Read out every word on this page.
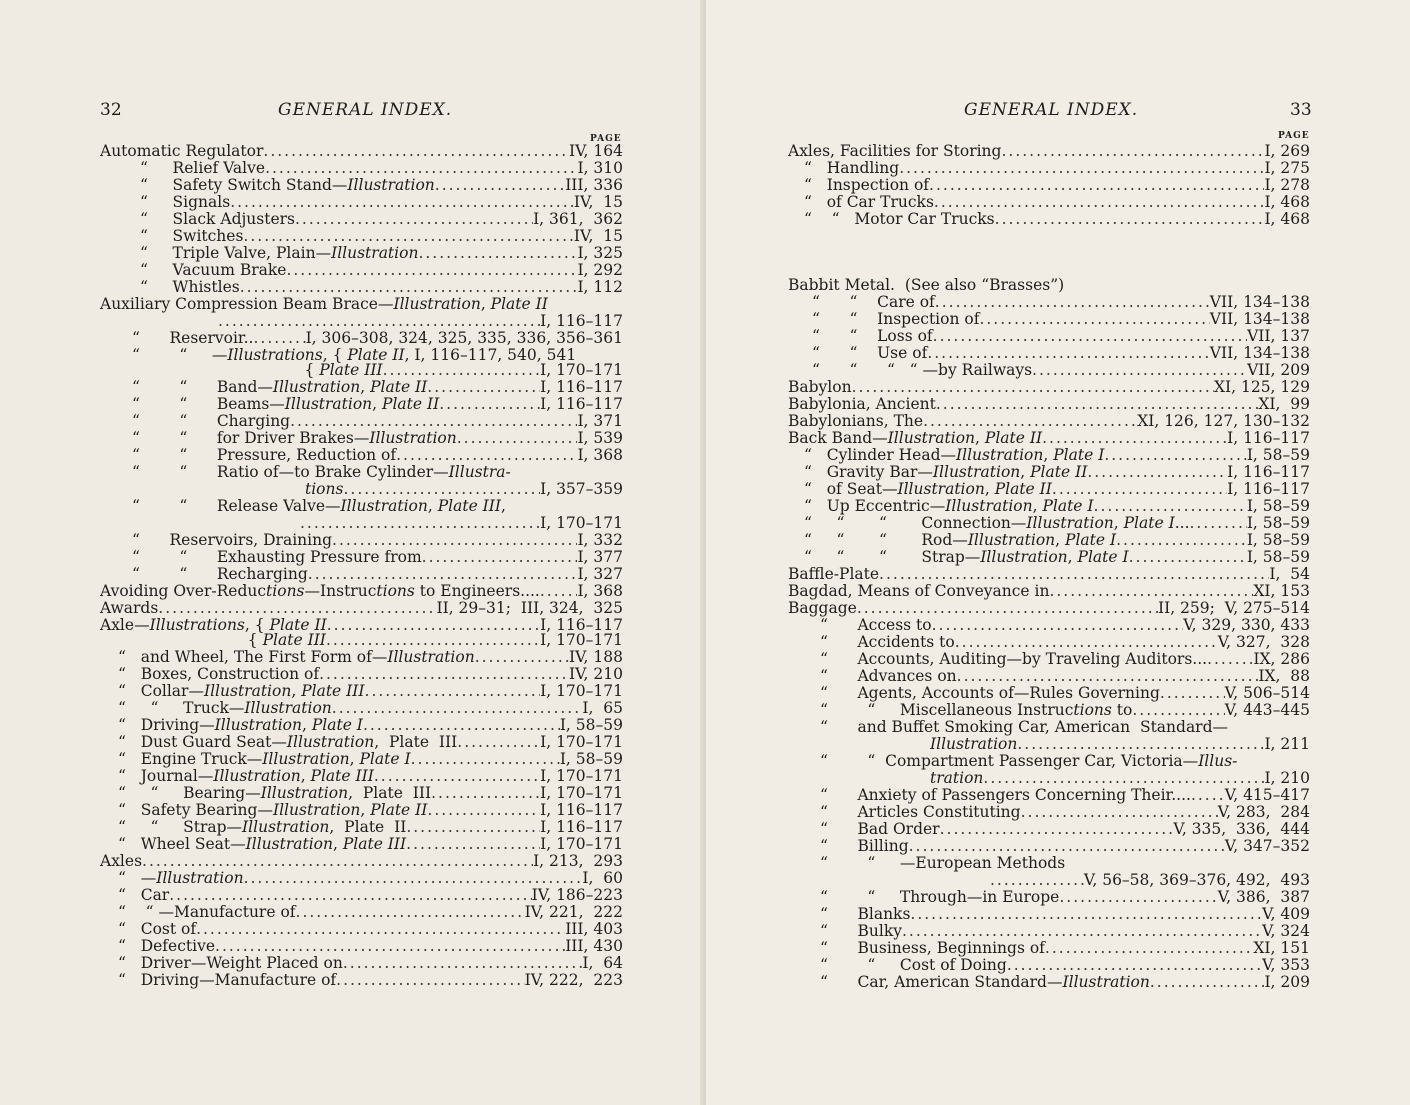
32	GENERAL INDEX.
PAGE
Automatic Regulator .....	IV, 164
“     Relief Valve .....	I, 310
“     Safety Switch Stand—Illustration .....	III, 336
“     Signals .....	IV,  15
“     Slack Adjusters .....	I, 361,  362
“     Switches .....	IV,  15
“     Triple Valve, Plain—Illustration .....	I, 325
“     Vacuum Brake .....	I, 292
“     Whistles .....	I, 112
Auxiliary Compression Beam Brace—Illustration, Plate II
.....
I, 116–117
“      Reservoir.. .....	I, 306–308, 324, 325, 335, 336, 356–361
“        “     —Illustrations, { Plate II, I, 116–117, 540, 541
{ Plate III .....	I, 170–171
“        “      Band—Illustration, Plate II .....	I, 116–117
“        “      Beams—Illustration, Plate II .....	I, 116–117
“        “      Charging .....	I, 371
“        “      for Driver Brakes—Illustration .....	I, 539
“        “      Pressure, Reduction of .....	I, 368
“        “      Ratio of—to Brake Cylinder—Illustra-
tions .....	I, 357–359
“        “      Release Valve—Illustration, Plate III,
.....
I, 170–171
“      Reservoirs, Draining .....	I, 332
“        “      Exhausting Pressure from .....	I, 377
“        “      Recharging .....	I, 327
Avoiding Over-Reductions—Instructions to Engineers.... ..... I, 368
Awards .....	II, 29–31;  III, 324,  325
Axle—Illustrations, { Plate II .....	I, 116–117
{ Plate III .....	I, 170–171
“   and Wheel, The First Form of—Illustration .....	IV, 188
“   Boxes, Construction of .....	IV, 210
“   Collar—Illustration, Plate III .....	I, 170–171
“     “     Truck—Illustration .....	I,  65
“   Driving—Illustration, Plate I .....	I, 58–59
“   Dust Guard Seat—Illustration,  Plate  III .....	I, 170–171
“   Engine Truck—Illustration, Plate I .....	I, 58–59
“   Journal—Illustration, Plate III .....	I, 170–171
“     “     Bearing—Illustration,  Plate  III .....	I, 170–171
“   Safety Bearing—Illustration, Plate II .....	I, 116–117
“     “     Strap—Illustration,  Plate  II .....	I, 116–117
“   Wheel Seat—Illustration, Plate III .....	I, 170–171
Axles .....	I, 213,  293
“   —Illustration .....	I,  60
“   Car .....	IV, 186–223
“    “ —Manufacture of .....	IV, 221,  222
“   Cost of .....	III, 403
“   Defective .....	III, 430
“   Driver—Weight Placed on .....	I,  64
“   Driving—Manufacture of .....	IV, 222,  223
GENERAL INDEX.	33
PAGE
Axles, Facilities for Storing .....	I, 269
“   Handling .....	I, 275
“   Inspection of .....	I, 278
“   of Car Trucks .....	I, 468
“    “   Motor Car Trucks .....	I, 468
Babbit Metal.  (See also “Brasses”)
“      “    Care of .....	VII, 134–138
“      “    Inspection of .....	VII, 134–138
“      “    Loss of .....	VII, 137
“      “    Use of .....	VII, 134–138
“      “      “   “ —by Railways .....	VII, 209
Babylon .....	XI, 125, 129
Babylonia, Ancient .....	XI,  99
Babylonians, The .....	XI, 126, 127, 130–132
Back Band—Illustration, Plate II .....	I, 116–117
“   Cylinder Head—Illustration, Plate I .....	I, 58–59
“   Gravity Bar—Illustration, Plate II .....	I, 116–117
“   of Seat—Illustration, Plate II .....	I, 116–117
“   Up Eccentric—Illustration, Plate I .....	I, 58–59
“     “       “       Connection—Illustration, Plate I... .....	I, 58–59
“     “       “       Rod—Illustration, Plate I .....	I, 58–59
“     “       “       Strap—Illustration, Plate I .....	I, 58–59
Baffle-Plate .....	I,  54
Bagdad, Means of Conveyance in .....	XI, 153
Baggage .....	II, 259;  V, 275–514
“      Access to .....	V, 329, 330, 433
“      Accidents to .....	V, 327,  328
“      Accounts, Auditing—by Traveling Auditors... .....	IX, 286
“      Advances on .....	IX,  88
“      Agents, Accounts of—Rules Governing .....	V, 506–514
“        “     Miscellaneous Instructions to .....	V, 443–445
“      and Buffet Smoking Car, American  Standard—
Illustration .....	I, 211
“        “  Compartment Passenger Car, Victoria—Illus-
tration .....	I, 210
“      Anxiety of Passengers Concerning Their.... ..... V, 415–417
“      Articles Constituting .....	V, 283,  284
“      Bad Order .....	V, 335,  336,  444
“      Billing .....	V, 347–352
“        “     —European Methods
.....
V, 56–58, 369–376, 492,  493
“        “     Through—in Europe .....	V, 386,  387
“      Blanks .....	V, 409
“      Bulky .....	V, 324
“      Business, Beginnings of .....	XI, 151
“        “     Cost of Doing .....	V, 353
“      Car, American Standard—Illustration .....	I, 209
